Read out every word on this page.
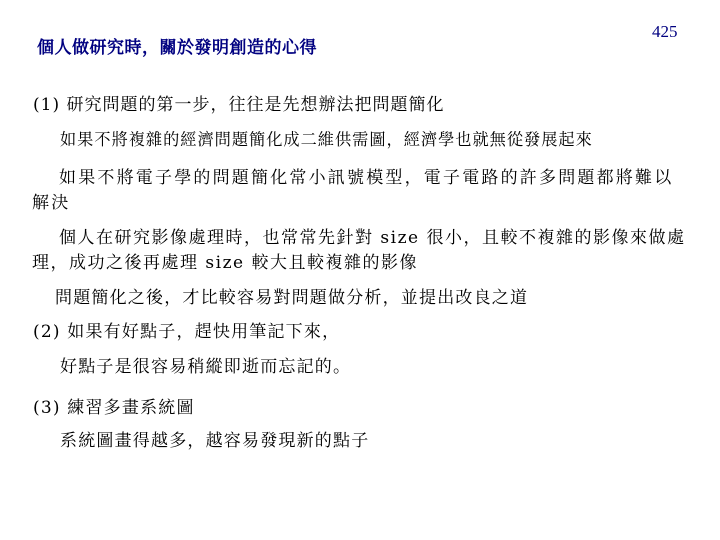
個人做研究時，關於發明創造的心得
425
(1) 研究問題的第一步，往往是先想辦法把問題簡化
如果不將複雜的經濟問題簡化成二維供需圖，經濟學也就無從發展起來
如果不將電子學的問題簡化常小訊號模型，電子電路的許多問題都將難以解決
個人在研究影像處理時，也常常先針對 size 很小，且較不複雜的影像來做處理，成功之後再處理 size 較大且較複雜的影像
問題簡化之後，才比較容易對問題做分析，並提出改良之道
(2) 如果有好點子，趕快用筆記下來，
好點子是很容易稍縱即逝而忘記的。
(3) 練習多畫系統圖
系統圖畫得越多，越容易發現新的點子
